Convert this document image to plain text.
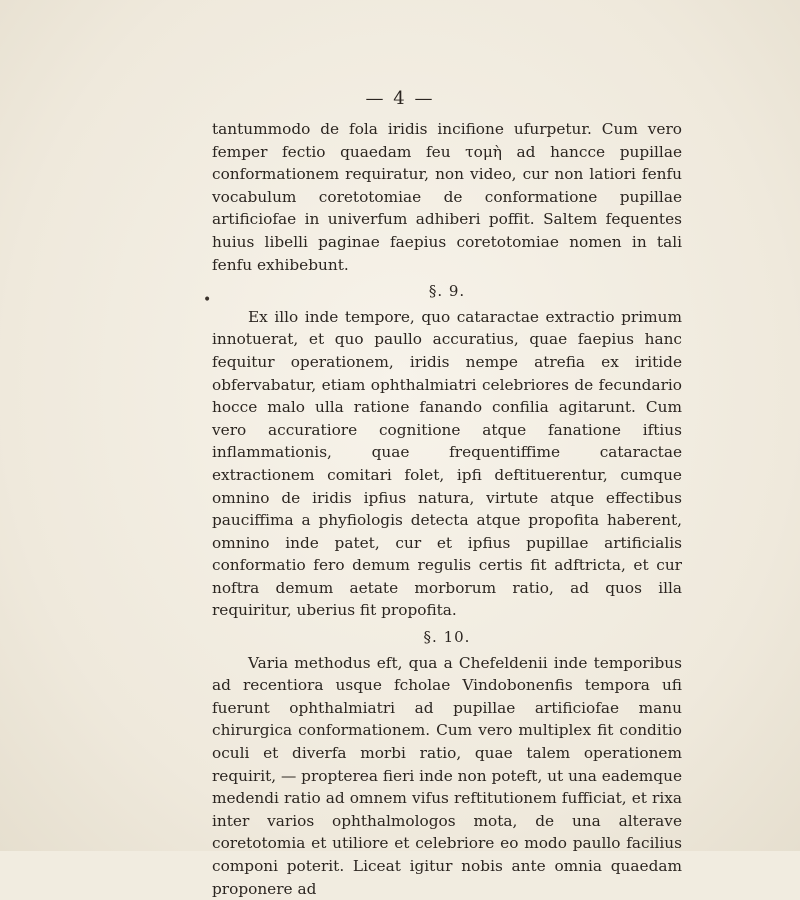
— 4 —

tantummodo de fola iridis incifione ufurpetur. Cum vero femper fectio quaedam feu τομὴ ad hancce pupillae conformationem requiratur, non video, cur non latiori fenfu vocabulum coretotomiae de conformatione pupillae artificiofae in univerfum adhiberi poffit. Saltem fequentes huius libelli paginae faepius coretotomiae nomen in tali fenfu exhibebunt.

§. 9.

Ex illo inde tempore, quo cataractae extractio primum innotuerat, et quo paullo accuratius, quae faepius hanc fequitur operationem, iridis nempe atrefia ex iritide obfervabatur, etiam ophthalmiatri celebriores de fecundario hocce malo ulla ratione fanando confilia agitarunt. Cum vero accuratiore cognitione atque fanatione iftius inflammationis, quae frequentiffime cataractae extractionem comitari folet, ipfi deftituerentur, cumque omnino de iridis ipfius natura, virtute atque effectibus pauciffima a phyfiologis detecta atque propofita haberent, omnino inde patet, cur et ipfius pupillae artificialis conformatio fero demum regulis certis fit adftricta, et cur noftra demum aetate morborum ratio, ad quos illa requiritur, uberius fit propofita.

§. 10.

Varia methodus eft, qua a Chefeldenii inde temporibus ad recentiora usque fcholae Vindobonenfis tempora ufi fuerunt ophthalmiatri ad pupillae artificiofae manu chirurgica conformationem. Cum vero multiplex fit conditio oculi et diverfa morbi ratio, quae talem operationem requirit, — propterea fieri inde non poteft, ut una eademque medendi ratio ad omnem vifus reftitutionem fufficiat, et rixa inter varios ophthalmologos mota, de una alterave coretotomia et utiliore et celebriore eo modo paullo facilius componi poterit. Liceat igitur nobis ante omnia quaedam proponere ad

•
